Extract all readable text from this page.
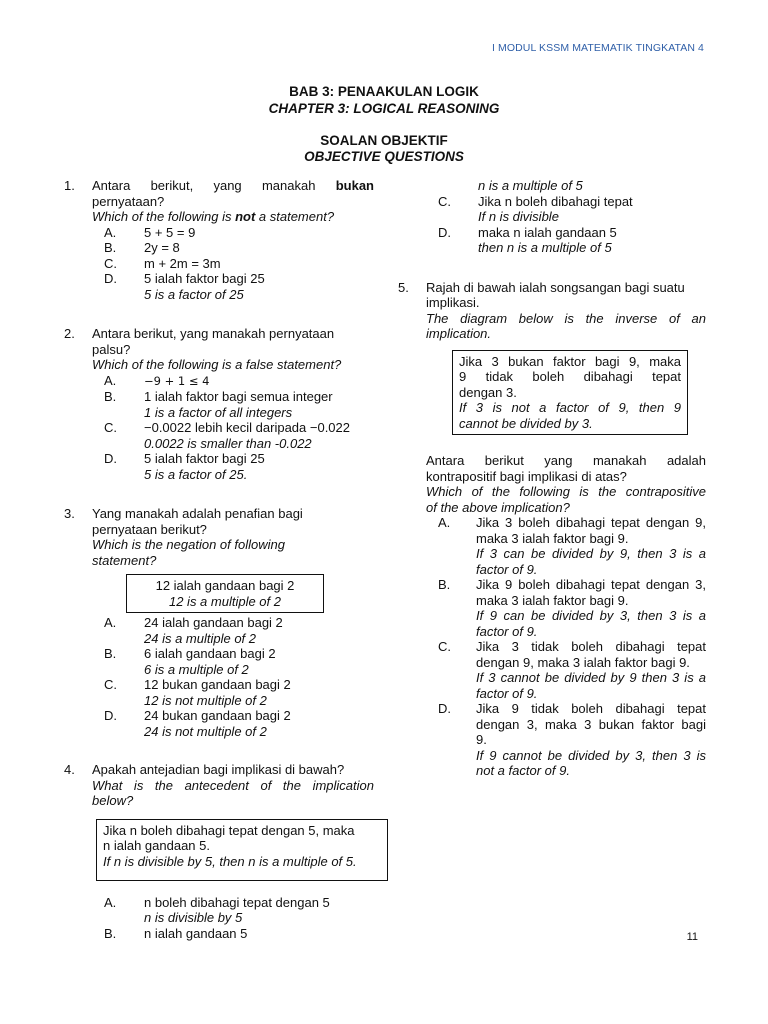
I MODUL KSSM MATEMATIK TINGKATAN 4
BAB 3: PENAAKULAN LOGIK
CHAPTER 3: LOGICAL REASONING
SOALAN OBJEKTIF
OBJECTIVE QUESTIONS
1. Antara berikut, yang manakah bukan
pernyataan?
Which of the following is not a statement?
A. 5 + 5 = 9
B. 2y = 8
C. m + 2m = 3m
D. 5 ialah faktor bagi 25
5 is a factor of 25
2. Antara berikut, yang manakah pernyataan
palsu?
Which of the following is a false statement?
A. −9 + 1 ≤ 4
B. 1 ialah faktor bagi semua integer
1 is a factor of all integers
C. −0.0022 lebih kecil daripada −0.022
0.0022 is smaller than -0.022
D. 5 ialah faktor bagi 25
5 is a factor of 25.
3. Yang manakah adalah penafian bagi
pernyataan berikut?
Which is the negation of following
statement?
12 ialah gandaan bagi 2
12 is a multiple of 2
A. 24 ialah gandaan bagi 2
24 is a multiple of 2
B. 6 ialah gandaan bagi 2
6 is a multiple of 2
C. 12 bukan gandaan bagi 2
12 is not multiple of 2
D. 24 bukan gandaan bagi 2
24 is not multiple of 2
4. Apakah antejadian bagi implikasi di bawah?
What is the antecedent of the implication
below?
Jika n boleh dibahagi tepat dengan 5, maka
n ialah gandaan 5.
If n is divisible by 5, then n is a multiple of 5.
A. n boleh dibahagi tepat dengan 5
n is divisible by 5
B. n ialah gandaan 5
n is a multiple of 5
C. Jika n boleh dibahagi tepat
If n is divisible
D. maka n ialah gandaan 5
then n is a multiple of 5
5. Rajah di bawah ialah songsangan bagi suatu
implikasi.
The diagram below is the inverse of an
implication.
Jika 3 bukan faktor bagi 9, maka
9 tidak boleh dibahagi tepat
dengan 3.
If 3 is not a factor of 9, then 9
cannot be divided by 3.
Antara berikut yang manakah adalah
kontrapositif bagi implikasi di atas?
Which of the following is the contrapositive
of the above implication?
A. Jika 3 boleh dibahagi tepat dengan 9,
maka 3 ialah faktor bagi 9.
If 3 can be divided by 9, then 3 is a
factor of 9.
B. Jika 9 boleh dibahagi tepat dengan 3,
maka 3 ialah faktor bagi 9.
If 9 can be divided by 3, then 3 is a
factor of 9.
C. Jika 3 tidak boleh dibahagi tepat
dengan 9, maka 3 ialah faktor bagi 9.
If 3 cannot be divided by 9 then 3 is a
factor of 9.
D. Jika 9 tidak boleh dibahagi tepat
dengan 3, maka 3 bukan faktor bagi
9.
If 9 cannot be divided by 3, then 3 is
not a factor of 9.
11
